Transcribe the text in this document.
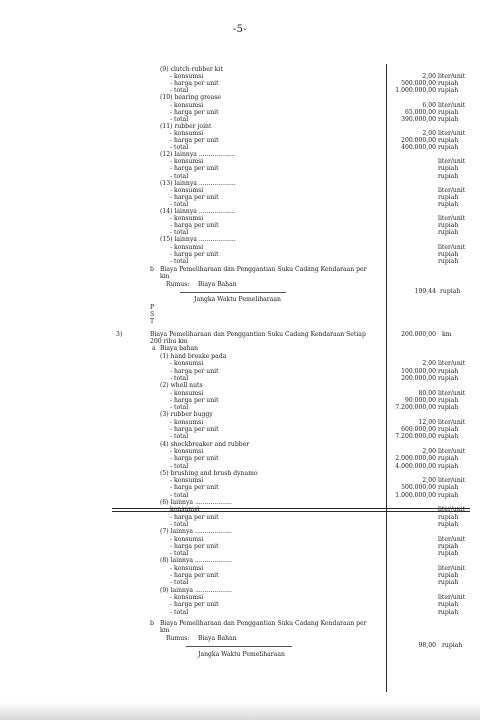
-5-
(9) clutch rubber kit
- konsumsi	2,00 liter/unit
- harga per unit	500.000,00 rupiah
- total	1.000.000,00 rupiah
(10) bearing grease
- konsumsi	6,00 liter/unit
- harga per unit	65.000,00 rupiah
- total	390.000,00 rupiah
(11) rubber joint
- konsumsi	2,00 liter/unit
- harga per unit	200.000,00 rupiah
- total	400.000,00 rupiah
(12) lainnya ...................
- konsumsi	liter/unit
- harga per unit	rupiah
- total	rupiah
(13) lainnya ...................
- konsumsi	liter/unit
- harga per unit	rupiah
- total	rupiah
(14) lainnya ...................
- konsumsi	liter/unit
- harga per unit	rupiah
- total	rupiah
(15) lainnya ...................
- konsumsi	liter/unit
- harga per unit	rupiah
- total	rupiah
b Biaya Pemeliharaan dan Penggantian Suku Cadang Kendaraan per
km
Rumus: Biaya Bahan
Jangka Waktu Pemeliharaan
199,44 rupiah
P
S
T
3)	Biaya Pemeliharaan dan Penggantian Suku Cadang Kendaraan Setiap
200 ribu km
200.000,00 km
a Biaya bahan
(1) hand breake pada
- konsumsi	2,00 liter/unit
- harga per unit	100.000,00 rupiah
- total	200.000,00 rupiah
(2) whell nuts
- konsumsi	80,00 liter/unit
- harga per unit	90.000,00 rupiah
- total	7.200.000,00 rupiah
(3) rubber buggy
- konsumsi	12,00 liter/unit
- harga per unit	600.000,00 rupiah
- total	7.200.000,00 rupiah
(4) shockbreaker and rubber
- konsumsi	2,00 liter/unit
- harga per unit	2.000.000,00 rupiah
- total	4.000.000,00 rupiah
(5) brushing and brush dynamo
- konsumsi	2,00 liter/unit
- harga per unit	500.000,00 rupiah
- total	1.000.000,00 rupiah
(6) lainnya ...................
konsumsi	liter/unit
- harga per unit	rupiah
- total	rupiah
(7) lainnya ...................
- konsumsi	liter/unit
- harga per unit	rupiah
- total	rupiah
(8) lainnya ...................
- konsumsi	liter/unit
- harga per unit	rupiah
- total	rupiah
(9) lainnya ...................
- konsumsi	liter/unit
- harga per unit	rupiah
- total	rupiah
b Biaya Pemeliharaan dan Penggantian Suku Cadang Kendaraan per
km
Rumus: Biaya Bahan
Jangka Waktu Pemeliharaan
98,00 rupiah
